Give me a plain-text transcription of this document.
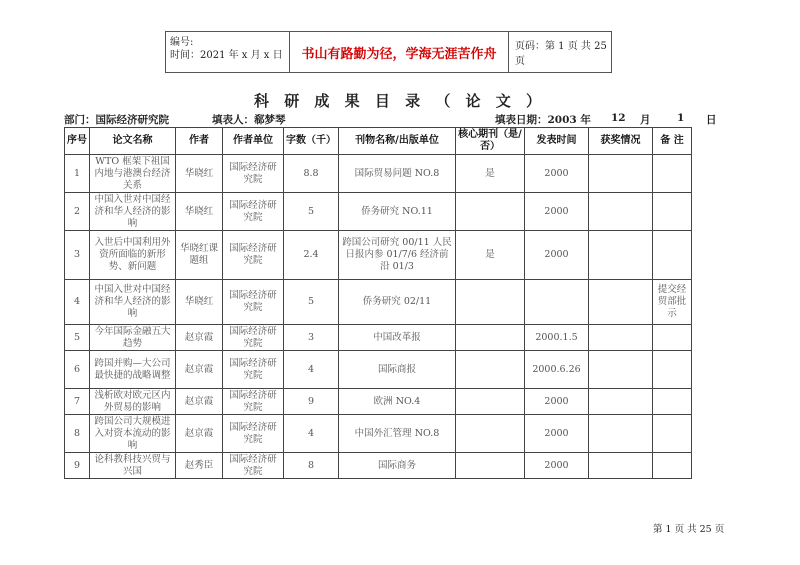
编号:
时间：2021 年 x 月 x 日	书山有路勤为径，学海无涯苦作舟	页码：第 1 页 共 25 页
科 研 成 果 目 录 （ 论 文 ）
部门：国际经济研究院	填表人：郗梦琴	填表日期：2003 年 12 月	1 日
序号	论文名称	作者	作者单位	字数（千）	刊物名称/出版单位	核心期刊（是/否）	发表时间	获奖情况	备 注
1	WTO 框架下祖国内地与港澳台经济关系	华晓红	国际经济研究院	8.8	国际贸易问题 NO.8	是	2000		
2	中国入世对中国经济和华人经济的影响	华晓红	国际经济研究院	5	侨务研究 NO.11		2000		
3	入世后中国利用外资所面临的新形势、新问题	华晓红课题组	国际经济研究院	2.4	跨国公司研究 00/11 人民日报内参 01/7/6 经济前沿 01/3	是	2000		
4	中国入世对中国经济和华人经济的影响	华晓红	国际经济研究院	5	侨务研究 02/11				提交经贸部批示
5	今年国际金融五大趋势	赵京霞	国际经济研究院	3	中国改革报		2000.1.5		
6	跨国并购—大公司最快捷的战略调整	赵京霞	国际经济研究院	4	国际商报		2000.6.26		
7	浅析欧对欧元区内外贸易的影响	赵京霞	国际经济研究院	9	欧洲 NO.4		2000		
8	跨国公司大规模进入对资本流动的影响	赵京霞	国际经济研究院	4	中国外汇管理 NO.8		2000		
9	论科教科技兴贸与兴国	赵秀臣	国际经济研究院	8	国际商务		2000		
第 1 页 共 25 页
